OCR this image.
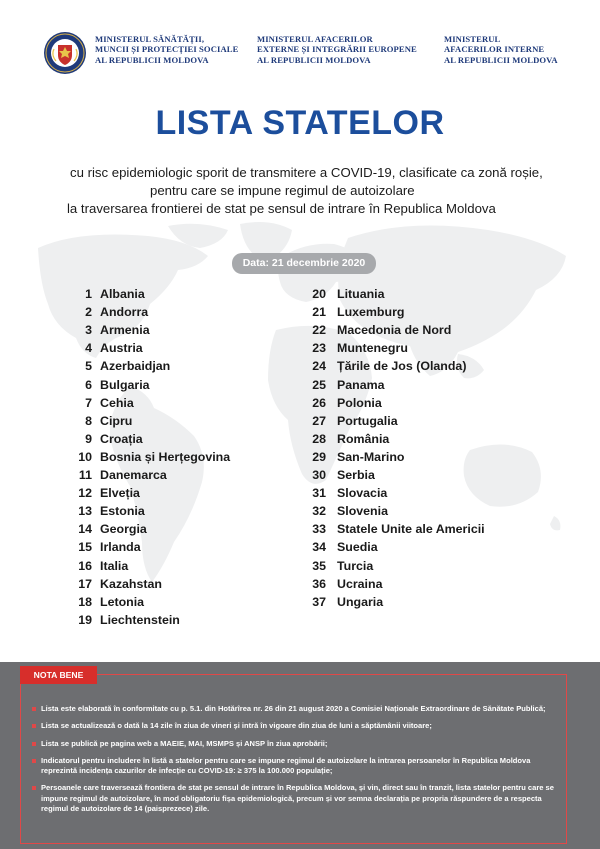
MINISTERUL SĂNĂTĂȚII,
MUNCII ȘI PROTECȚIEI SOCIALE
AL REPUBLICII MOLDOVA
MINISTERUL AFACERILOR
EXTERNE ȘI INTEGRĂRII EUROPENE
AL REPUBLICII MOLDOVA
MINISTERUL
AFACERILOR INTERNE
AL REPUBLICII MOLDOVA
LISTA STATELOR
cu risc epidemiologic sporit de transmitere a COVID-19, clasificate ca zonă roșie,
pentru care se impune regimul de autoizolare
la traversarea frontierei de stat pe sensul de intrare în Republica Moldova
Data: 21 decembrie 2020
1 Albania
2 Andorra
3 Armenia
4 Austria
5 Azerbaidjan
6 Bulgaria
7 Cehia
8 Cipru
9 Croația
10 Bosnia și Herțegovina
11 Danemarca
12 Elveția
13 Estonia
14 Georgia
15 Irlanda
16 Italia
17 Kazahstan
18 Letonia
19 Liechtenstein
20 Lituania
21 Luxemburg
22 Macedonia de Nord
23 Muntenegru
24 Țările de Jos (Olanda)
25 Panama
26 Polonia
27 Portugalia
28 România
29 San-Marino
30 Serbia
31 Slovacia
32 Slovenia
33 Statele Unite ale Americii
34 Suedia
35 Turcia
36 Ucraina
37 Ungaria
NOTA BENE
Lista este elaborată în conformitate cu p. 5.1. din Hotărîrea nr. 26 din 21 august 2020 a Comisiei Naționale Extraordinare de Sănătate Publică;
Lista se actualizează o dată la 14 zile în ziua de vineri și intră în vigoare din ziua de luni a săptămânii viitoare;
Lista se publică pe pagina web a MAEIE, MAI, MSMPS și ANSP în ziua aprobării;
Indicatorul pentru includere în listă a statelor pentru care se impune regimul de autoizolare la intrarea persoanelor în Republica Moldova reprezintă incidența cazurilor de infecție cu COVID-19: ≥ 375 la 100.000 populație;
Persoanele care traversează frontiera de stat pe sensul de intrare în Republica Moldova, și vin, direct sau în tranzit, lista statelor pentru care se impune regimul de autoizolare, în mod obligatoriu fișa epidemiologică, precum și vor semna declarația pe propria răspundere de a respecta regimul de autoizolare de 14 (paisprezece) zile.
